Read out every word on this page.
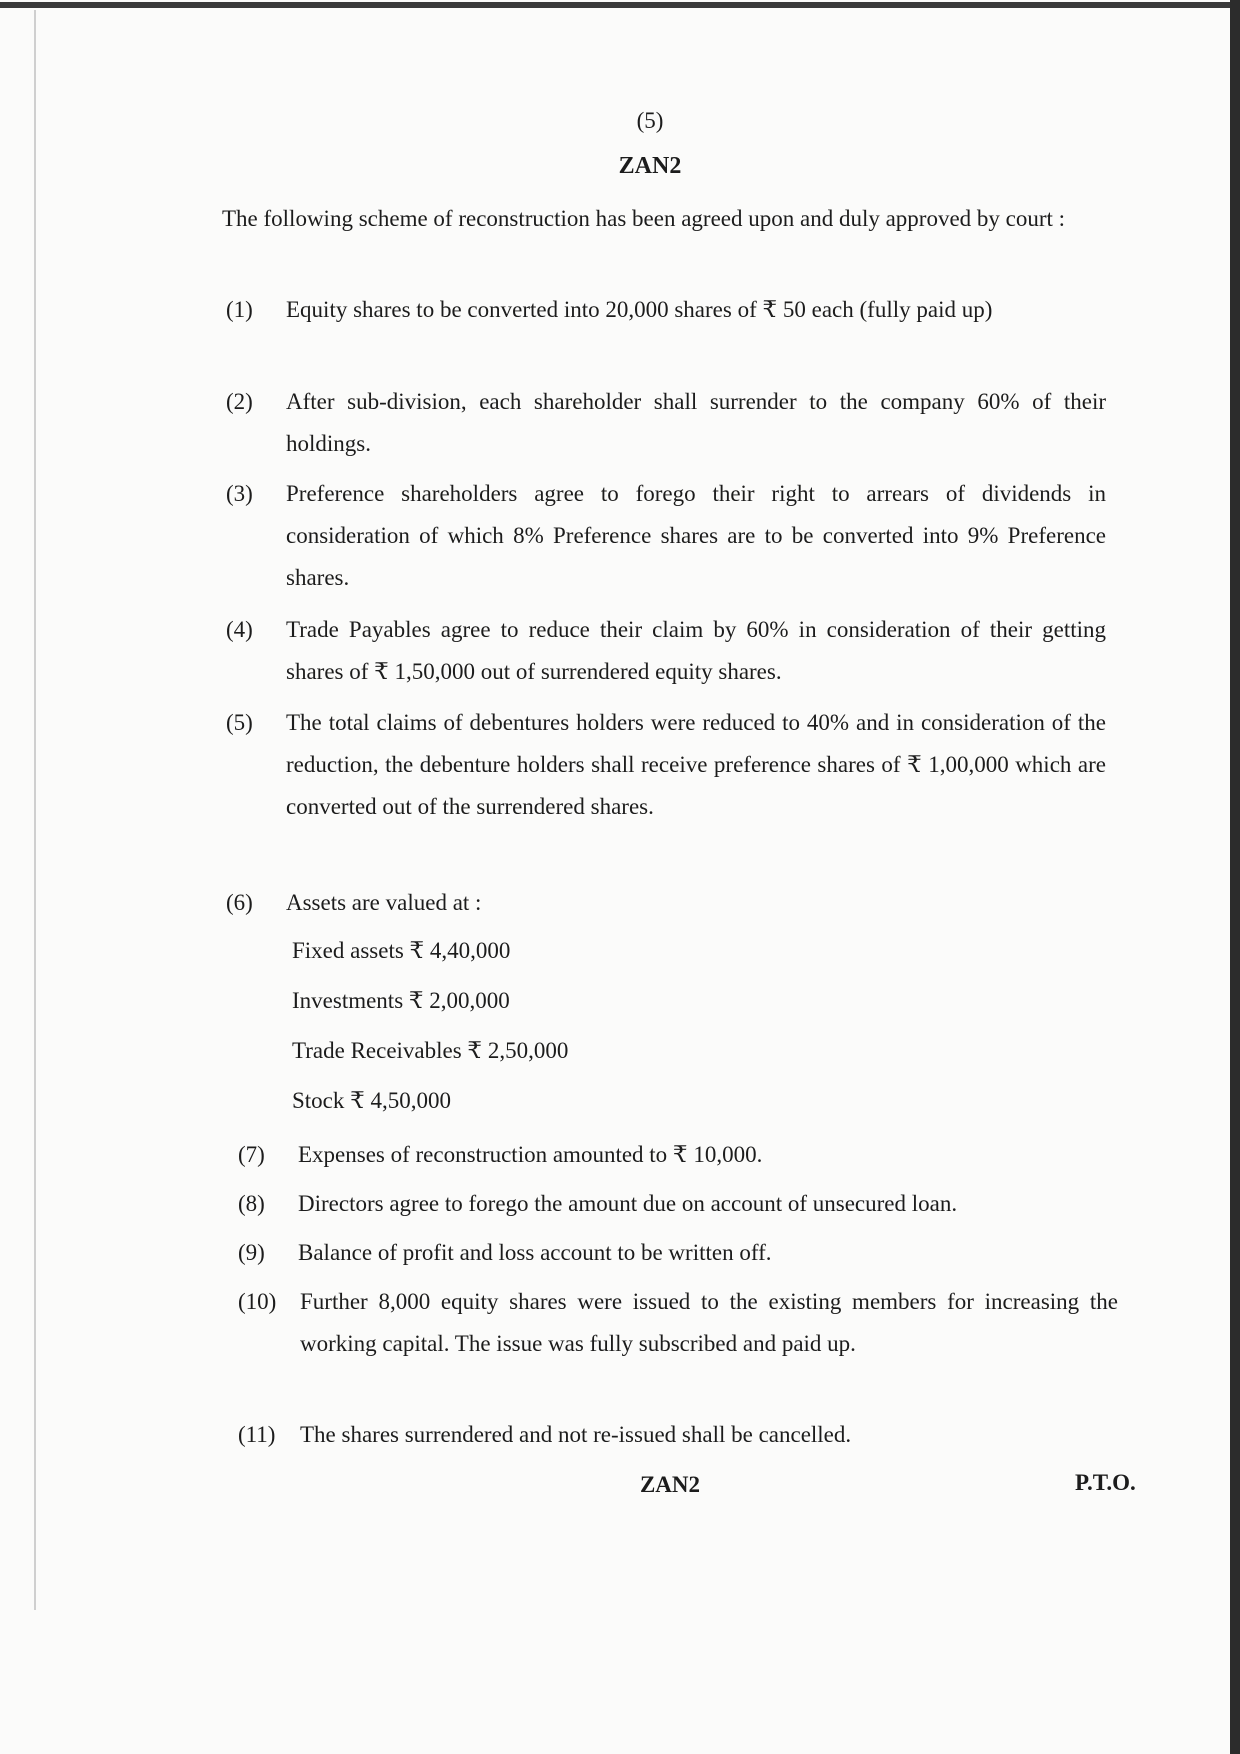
(5)
ZAN2

The following scheme of reconstruction has been agreed upon and duly approved by court :

(1) Equity shares to be converted into 20,000 shares of ₹ 50 each (fully paid up)
(2) After sub-division, each shareholder shall surrender to the company 60% of their holdings.
(3) Preference shareholders agree to forego their right to arrears of dividends in consideration of which 8% Preference shares are to be converted into 9% Preference shares.
(4) Trade Payables agree to reduce their claim by 60% in consideration of their getting shares of ₹ 1,50,000 out of surrendered equity shares.
(5) The total claims of debentures holders were reduced to 40% and in consideration of the reduction, the debenture holders shall receive preference shares of ₹ 1,00,000 which are converted out of the surrendered shares.
(6) Assets are valued at :
Fixed assets ₹ 4,40,000
Investments ₹ 2,00,000
Trade Receivables ₹ 2,50,000
Stock ₹ 4,50,000
(7) Expenses of reconstruction amounted to ₹ 10,000.
(8) Directors agree to forego the amount due on account of unsecured loan.
(9) Balance of profit and loss account to be written off.
(10) Further 8,000 equity shares were issued to the existing members for increasing the working capital. The issue was fully subscribed and paid up.
(11) The shares surrendered and not re-issued shall be cancelled.
ZAN2	P.T.O.
